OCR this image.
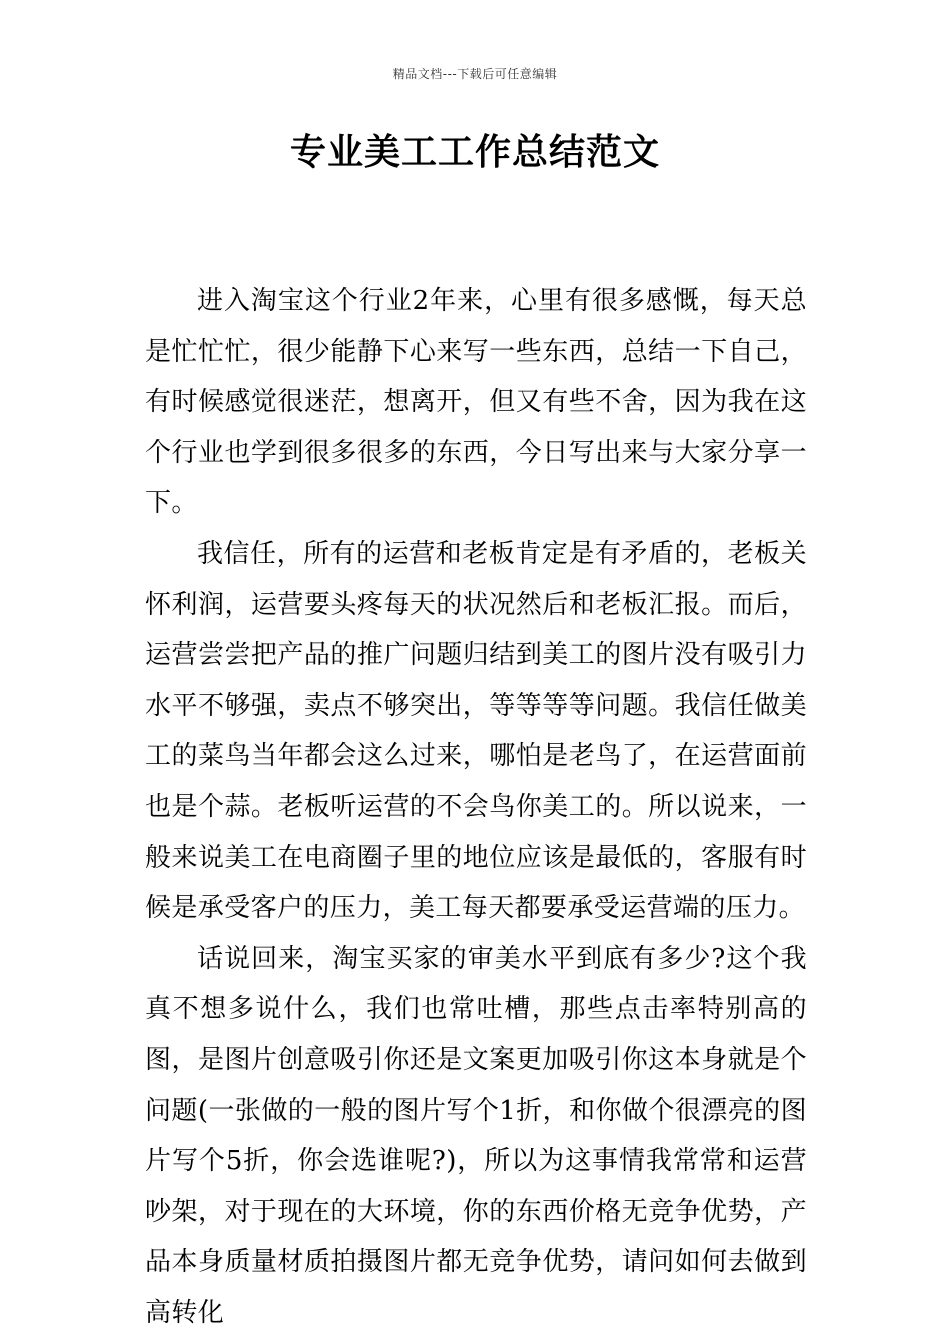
精品文档---下载后可任意编辑
专业美工工作总结范文

进入淘宝这个行业2年来，心里有很多感慨，每天总是忙忙忙，很少能静下心来写一些东西，总结一下自己，有时候感觉很迷茫，想离开，但又有些不舍，因为我在这个行业也学到很多很多的东西，今日写出来与大家分享一下。

我信任，所有的运营和老板肯定是有矛盾的，老板关怀利润，运营要头疼每天的状况然后和老板汇报。而后，运营尝尝把产品的推广问题归结到美工的图片没有吸引力水平不够强，卖点不够突出，等等等等问题。我信任做美工的菜鸟当年都会这么过来，哪怕是老鸟了，在运营面前也是个蒜。老板听运营的不会鸟你美工的。所以说来，一般来说美工在电商圈子里的地位应该是最低的，客服有时候是承受客户的压力，美工每天都要承受运营端的压力。

话说回来，淘宝买家的审美水平到底有多少?这个我真不想多说什么，我们也常吐槽，那些点击率特别高的图，是图片创意吸引你还是文案更加吸引你这本身就是个问题(一张做的一般的图片写个1折，和你做个很漂亮的图片写个5折，你会选谁呢?)，所以为这事情我常常和运营吵架，对于现在的大环境，你的东西价格无竞争优势，产品本身质量材质拍摄图片都无竞争优势，请问如何去做到高转化
